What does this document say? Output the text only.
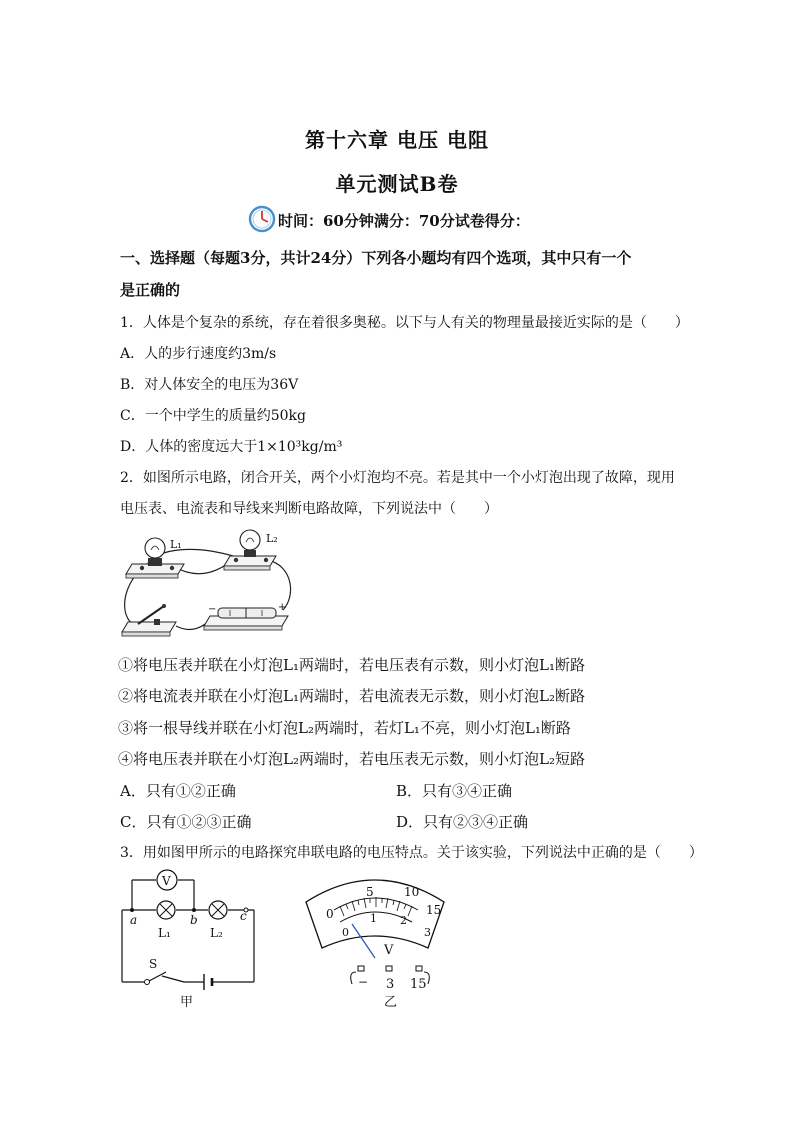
第十六章 电压 电阻
单元测试B卷
时间：60分钟满分：70分试卷得分：
一、选择题（每题3分，共计24分）下列各小题均有四个选项，其中只有一个
是正确的
1．人体是个复杂的系统，存在着很多奥秘。以下与人有关的物理量最接近实际的是（　　）
A．人的步行速度约3m/s
B．对人体安全的电压为36V
C．一个中学生的质量约50kg
D．人体的密度远大于1×10³kg/m³
2．如图所示电路，闭合开关，两个小灯泡均不亮。若是其中一个小灯泡出现了故障，现用
电压表、电流表和导线来判断电路故障，下列说法中（　　）
L₁	L₂
−	+
①将电压表并联在小灯泡L₁两端时，若电压表有示数，则小灯泡L₁断路
②将电流表并联在小灯泡L₁两端时，若电流表无示数，则小灯泡L₂断路
③将一根导线并联在小灯泡L₂两端时，若灯L₁不亮，则小灯泡L₁断路
④将电压表并联在小灯泡L₂两端时，若电压表无示数，则小灯泡L₂短路
A．只有①②正确	B．只有③④正确
C．只有①②③正确	D．只有②③④正确
3．用如图甲所示的电路探究串联电路的电压特点。关于该实验，下列说法中正确的是（　　）
V
a	b	c
L₁	L₂
S
甲
0
5	10
15
0
1 2
3
V
− 3 15
乙
